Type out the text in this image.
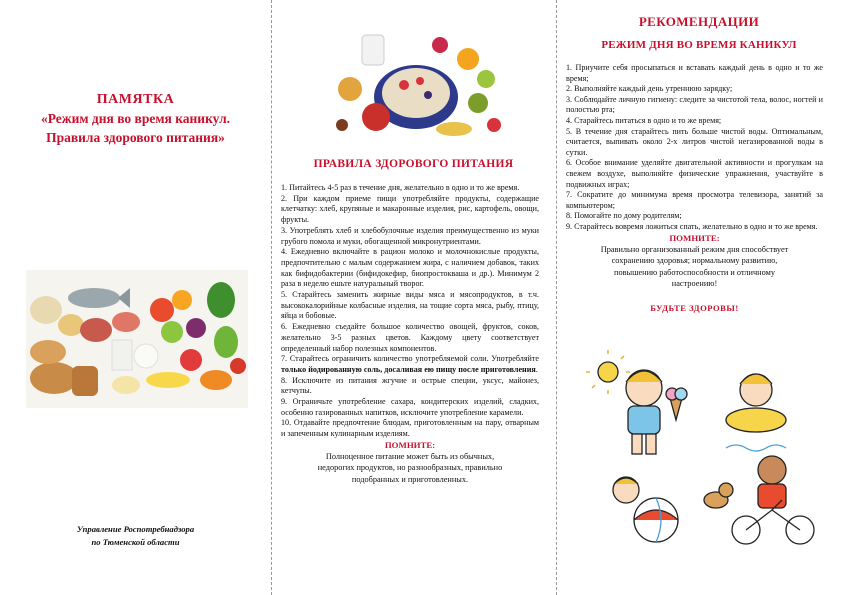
ПАМЯТКА
«Режим дня во время каникул.
Правила здорового питания»
Управление Роспотребнадзора
по Тюменской области
ПРАВИЛА ЗДОРОВОГО ПИТАНИЯ

1. Питайтесь 4-5 раз в течение дня, желательно в одно и то же время.

2. При каждом приеме пищи употребляйте продукты, содержащие клетчатку: хлеб, крупяные и макаронные изделия, рис, картофель, овощи, фрукты.

3. Употреблять хлеб и хлебобулочные изделия преимущественно из муки грубого помола и муки, обогащенной микронутриентами.

4. Ежедневно включайте в рацион молоко и молочнокислые продукты, предпочтительно с малым содержанием жира, с наличием добавок, таких как бифидобактерии (бифидокефир, биопростокваша и др.). Минимум 2 раза в неделю ешьте натуральный творог.

5. Старайтесь заменить жирные виды мяса и мясопродуктов, в т.ч. высококалорийные колбасные изделия, на тощие сорта мяса, рыбу, птицу, яйца и бобовые.

6. Ежедневно съедайте большое количество овощей, фруктов, соков, желательно 3-5 разных цветов. Каждому цвету соответствует определенный набор полезных компонентов.

7. Старайтесь ограничить количество употребляемой соли. Употребляйте только йодированную соль, досаливая ею пищу после приготовления.

8. Исключите из питания жгучие и острые специи, уксус, майонез, кетчупы.

9. Ограничьте употребление сахара, кондитерских изделий, сладких, особенно газированных напитков, исключите употребление карамели.

10. Отдавайте предпочтение блюдам, приготовленным на пару, отварным и запеченным кулинарным изделиям.

ПОМНИТЕ:
Полноценное питание может быть из обычных,
недорогих продуктов, но разнообразных, правильно
подобранных и приготовленных.
РЕКОМЕНДАЦИИ
РЕЖИМ ДНЯ ВО ВРЕМЯ КАНИКУЛ

1. Приучите себя просыпаться и вставать каждый день в одно и то же время;

2. Выполняйте каждый день утреннюю зарядку;

3. Соблюдайте личную гигиену: следите за чистотой тела, волос, ногтей и полостью рта;

4. Старайтесь питаться в одно и то же время;

5. В течение дня старайтесь пить больше чистой воды. Оптимальным, считается, выпивать около 2-х литров чистой негазированной воды в сутки.

6. Особое внимание уделяйте двигательной активности и прогулкам на свежем воздухе, выполняйте физические упражнения, участвуйте в подвижных играх;

7. Сократите до минимума время просмотра телевизора, занятий за компьютером;

8. Помогайте по дому родителям;

9. Старайтесь вовремя ложиться спать, желательно в одно и то же время.

ПОМНИТЕ:
Правильно организованный режим дня способствует
сохранению здоровья; нормальному развитию,
повышению работоспособности и отличному
настроению!
БУДЬТЕ ЗДОРОВЫ!
